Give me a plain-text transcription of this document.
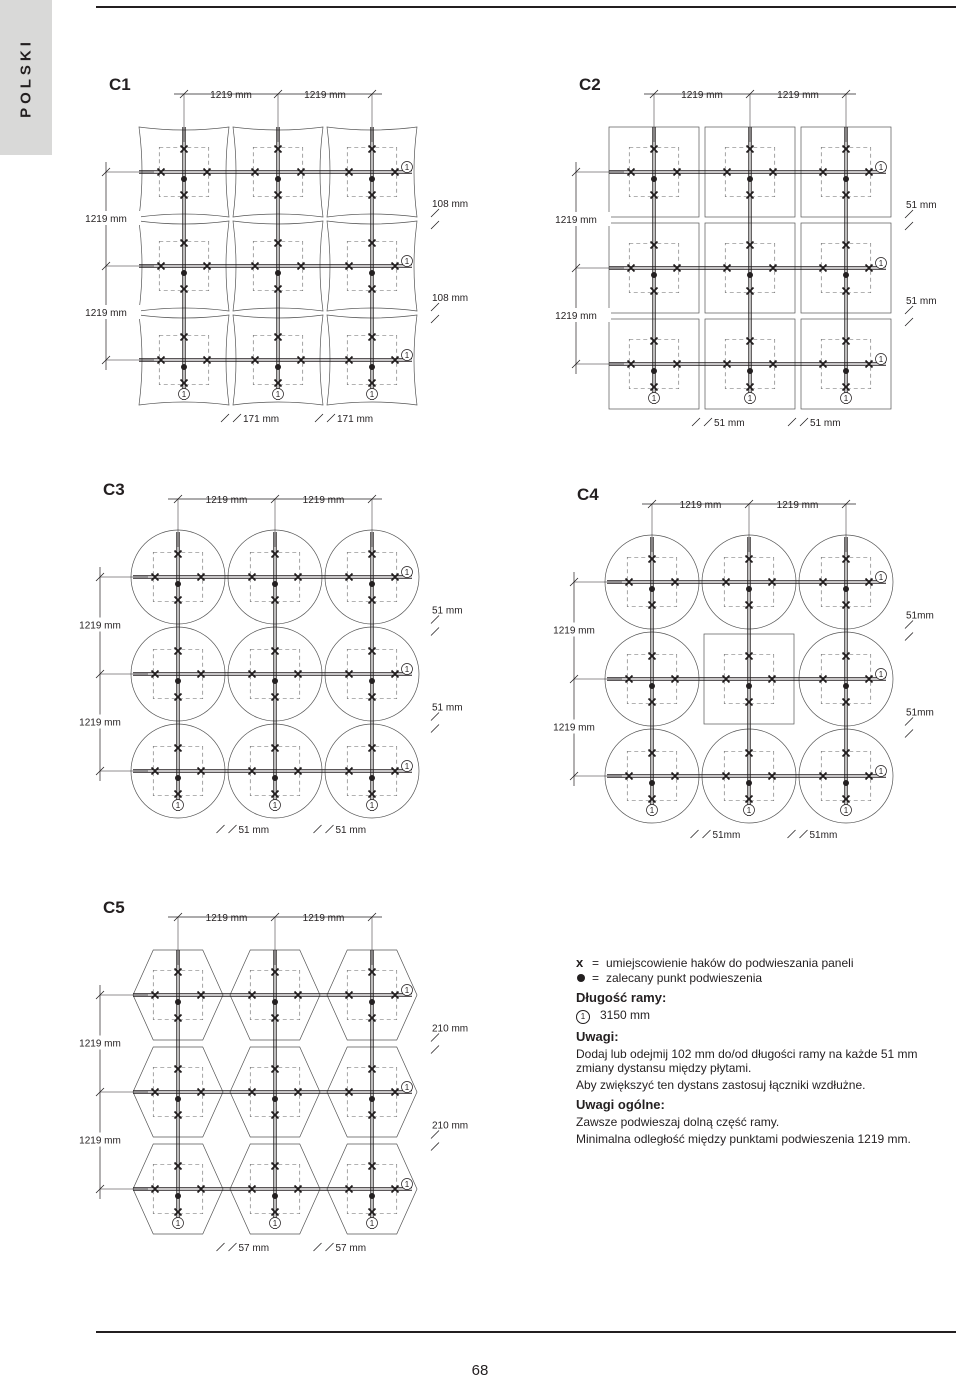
POLSKI	C1
1
1
1
1	1	1
1219 mm	1219 mm
1219 mm
1219 mm
108 mm
108 mm
171 mm	171 mm
C2
1
1
1
1	1	1
1219 mm	1219 mm
1219 mm
1219 mm
51 mm
51 mm
51 mm	51 mm
C3
1
1
1
1	1	1
1219 mm	1219 mm
1219 mm
1219 mm
51 mm
51 mm
51 mm	51 mm
C4
1
1
1
1	1	1
1219 mm	1219 mm
1219 mm
1219 mm
51mm
51mm
51mm	51mm
C5
1
1
1
1	1	1
1219 mm	1219 mm
1219 mm
1219 mm
210 mm
210 mm
57 mm	57 mm
x = umiejscowienie haków do podwieszania paneli
= zalecany punkt podwieszenia
Długość ramy:

1 3150 mm

Uwagi:

Dodaj lub odejmij 102 mm do/od długości ramy na każde 51 mm zmiany dystansu między płytami.

Aby zwiększyć ten dystans zastosuj łączniki wzdłużne.

Uwagi ogólne:

Zawsze podwieszaj dolną część ramy.

Minimalna odległość między punktami podwieszenia 1219 mm.

68
